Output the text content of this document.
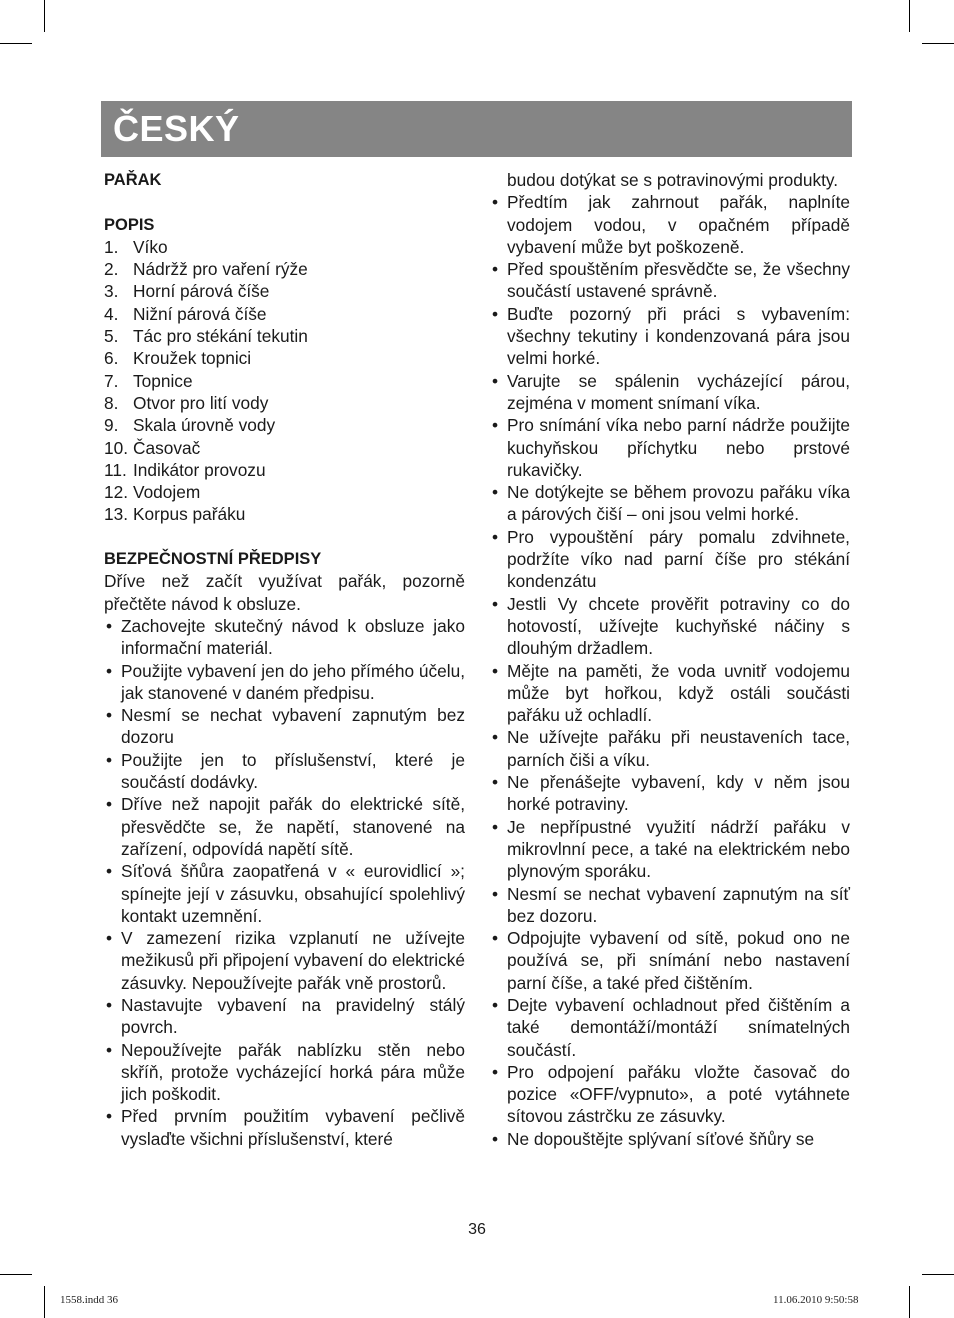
ČESKÝ
PAŘAK
POPIS
1. Víko
2. Nádržž pro vaření rýže
3. Horní párová číše
4. Nižní párová číše
5. Tác pro stékání tekutin
6. Kroužek topnici
7. Topnice
8. Otvor pro lití vody
9. Skala úrovně vody
10. Časovač
11. Indikátor provozu
12. Vodojem
13. Korpus pařáku
BEZPEČNOSTNÍ PŘEDPISY
Dříve než začít využívat pařák, pozorně přečtěte návod k obsluze.
• Zachovejte skutečný návod k obsluze jako informační materiál.
• Použijte vybavení jen do jeho přímého účelu, jak stanovené v daném předpisu.
• Nesmí se nechat vybavení zapnutým bez dozoru
• Použijte jen to příslušenství, které je součástí dodávky.
• Dříve než napojit pařák do elektrické sítě, přesvědčte se, že napětí, stanovené na zařízení, odpovídá napětí sítě.
• Síťová šňůra zaopatřená v « eurovidlicí »; spínejte její v zásuvku, obsahující spolehlivý kontakt uzemnění.
• V zamezení rizika vzplanutí ne užívejte mežikusů při připojení vybavení do elektrické zásuvky. Nepoužívejte pařák vně prostorů.
• Nastavujte vybavení na pravidelný stálý povrch.
• Nepoužívejte pařák nablízku stěn nebo skříň, protože vycházející horká pára může jich poškodit.
• Před prvním použitím vybavení pečlivě vyslaďte všichni příslušenství, které
budou dotýkat se s potravinovými produkty.
• Předtím jak zahrnout pařák, naplníte vodojem vodou, v opačném případě vybavení může byt poškozeně.
• Před spouštěním přesvědčte se, že všechny součástí ustavené správně.
• Buďte pozorný při práci s vybavením: všechny tekutiny i kondenzovaná pára jsou velmi horké.
• Varujte se spálenin vycházející párou, zejména v moment snímaní víka.
• Pro snímání víka nebo parní nádrže použijte kuchyňskou příchytku nebo prstové rukavičky.
• Ne dotýkejte se během provozu pařáku víka a párových čiší – oni jsou velmi horké.
• Pro vypouštění páry pomalu zdvihnete, podržíte víko nad parní číše pro stékání kondenzátu
• Jestli Vy chcete prověřit potraviny co do hotovostí, užívejte kuchyňské náčiny s dlouhým držadlem.
• Mějte na paměti, že voda uvnitř vodojemu může byt hořkou, když ostáli součásti pařáku už ochladlí.
• Ne užívejte pařáku při neustaveních tace, parních čiši a víku.
• Ne přenášejte vybavení, kdy v něm jsou horké potraviny.
• Je nepřípustné využití nádrží pařáku v mikrovlnní pece, a také na elektrickém nebo plynovým sporáku.
• Nesmí se nechat vybavení zapnutým na síť bez dozoru.
• Odpojujte vybavení od sítě, pokud ono ne používá se, při snímání nebo nastavení parní číše, a také před čištěním.
• Dejte vybavení ochladnout před čištěním a také demontáží/montáží snímatelných součástí.
• Pro odpojení pařáku vložte časovač do pozice «OFF/vypnuto», a poté vytáhnete sítovou zástrčku ze zásuvky.
• Ne dopouštějte splývaní síťové šňůry se
36
1558.indd 36	11.06.2010 9:50:58
